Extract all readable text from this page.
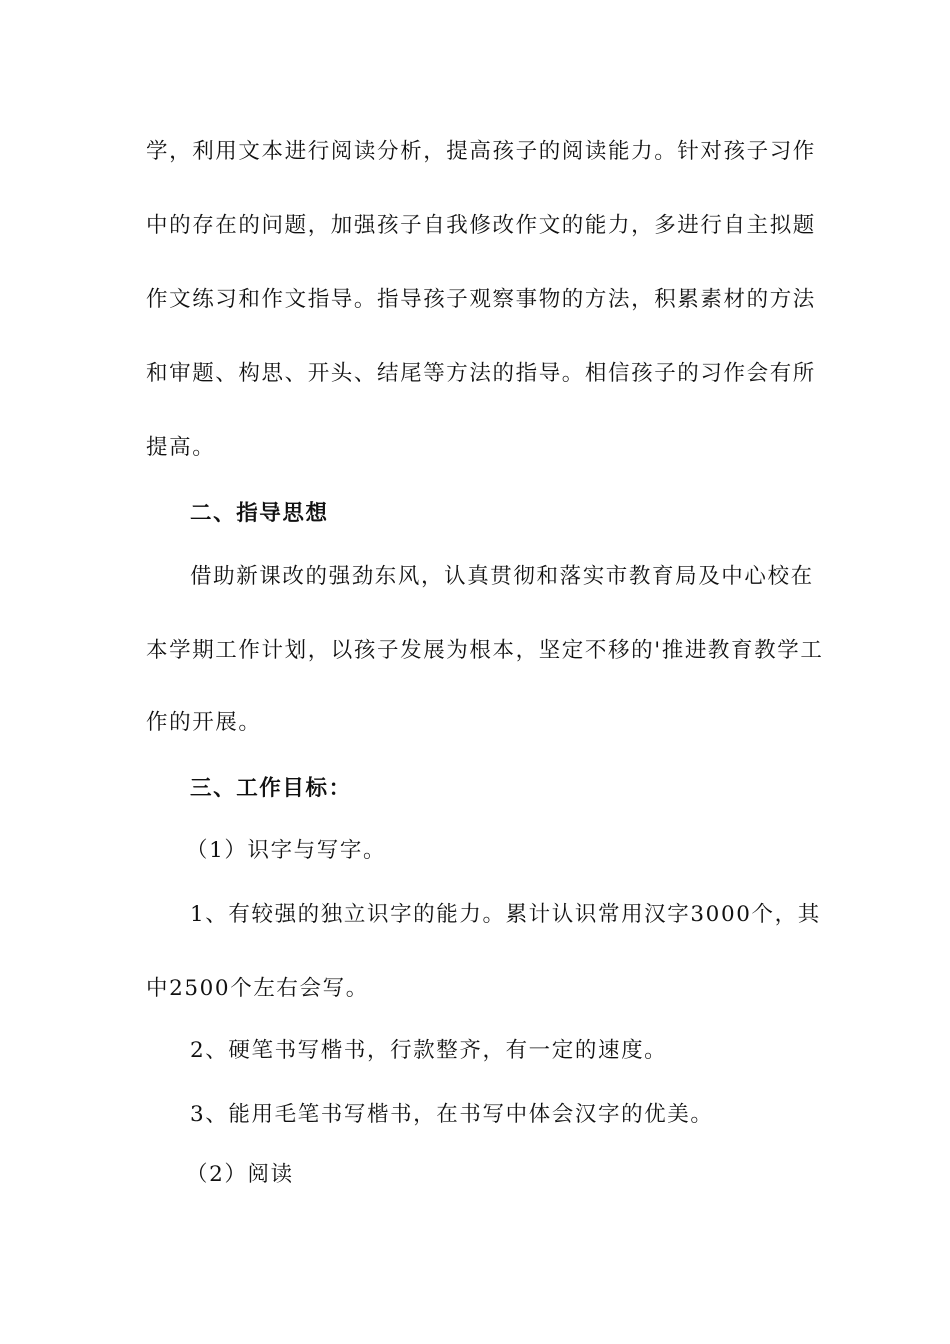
学，利用文本进行阅读分析，提高孩子的阅读能力。针对孩子习作
中的存在的问题，加强孩子自我修改作文的能力，多进行自主拟题
作文练习和作文指导。指导孩子观察事物的方法，积累素材的方法
和审题、构思、开头、结尾等方法的指导。相信孩子的习作会有所
提高。
二、指导思想
借助新课改的强劲东风，认真贯彻和落实市教育局及中心校在
本学期工作计划，以孩子发展为根本，坚定不移的'推进教育教学工
作的开展。
三、工作目标：
（1）识字与写字。
1、有较强的独立识字的能力。累计认识常用汉字3000个，其
中2500个左右会写。
2、硬笔书写楷书，行款整齐，有一定的速度。
3、能用毛笔书写楷书，在书写中体会汉字的优美。
（2）阅读
